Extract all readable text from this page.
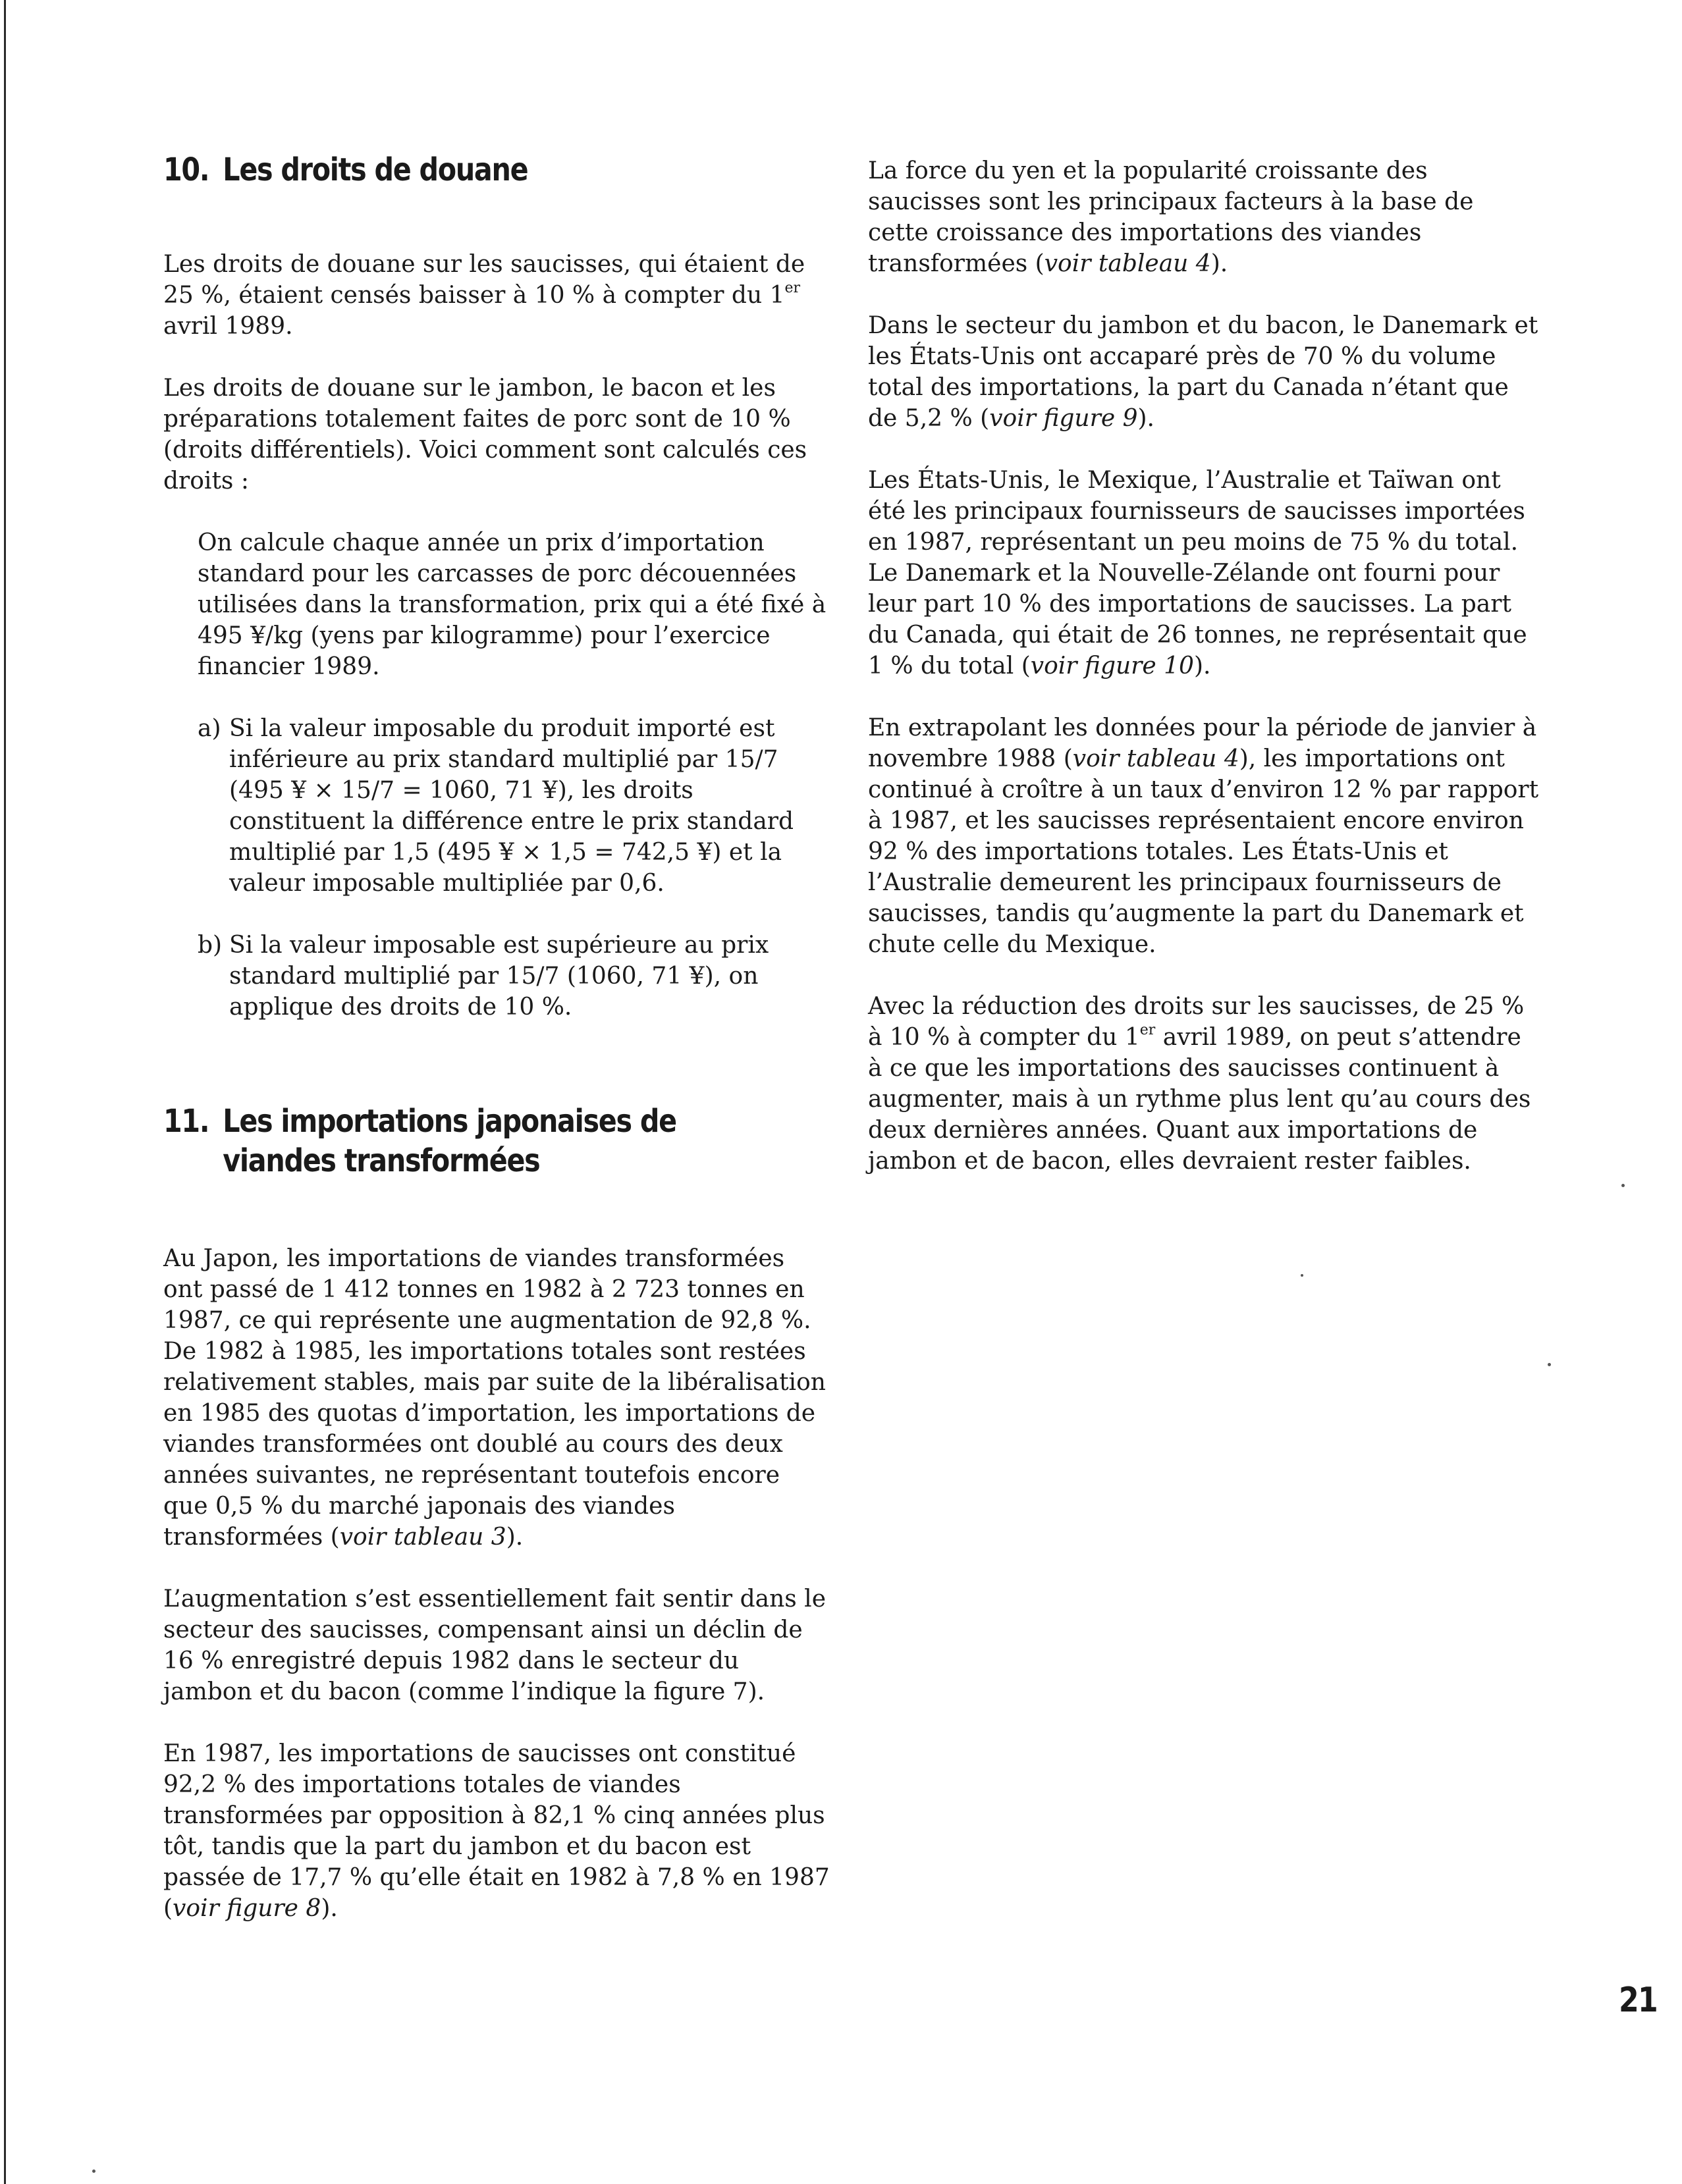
10. Les droits de douane

Les droits de douane sur les saucisses, qui étaient de 25 %, étaient censés baisser à 10 % à compter du 1er avril 1989.

Les droits de douane sur le jambon, le bacon et les préparations totalement faites de porc sont de 10 % (droits différentiels). Voici comment sont calculés ces droits :

On calcule chaque année un prix d’importation standard pour les carcasses de porc découennées utilisées dans la transformation, prix qui a été fixé à 495 ¥/kg (yens par kilogramme) pour l’exercice financier 1989.

a) Si la valeur imposable du produit importé est inférieure au prix standard multiplié par 15/7 (495 ¥ × 15/7 = 1060, 71 ¥), les droits constituent la différence entre le prix standard multiplié par 1,5 (495 ¥ × 1,5 = 742,5 ¥) et la valeur imposable multipliée par 0,6.

b) Si la valeur imposable est supérieure au prix standard multiplié par 15/7 (1060, 71 ¥), on applique des droits de 10 %.

11. Les importations japonaises de viandes transformées

Au Japon, les importations de viandes transformées ont passé de 1 412 tonnes en 1982 à 2 723 tonnes en 1987, ce qui représente une augmentation de 92,8 %. De 1982 à 1985, les importations totales sont restées relativement stables, mais par suite de la libéralisation en 1985 des quotas d’importation, les importations de viandes transformées ont doublé au cours des deux années suivantes, ne représentant toutefois encore que 0,5 % du marché japonais des viandes transformées (voir tableau 3).

L’augmentation s’est essentiellement fait sentir dans le secteur des saucisses, compensant ainsi un déclin de 16 % enregistré depuis 1982 dans le secteur du jambon et du bacon (comme l’indique la figure 7).

En 1987, les importations de saucisses ont constitué 92,2 % des importations totales de viandes transformées par opposition à 82,1 % cinq années plus tôt, tandis que la part du jambon et du bacon est passée de 17,7 % qu’elle était en 1982 à 7,8 % en 1987 (voir figure 8).

La force du yen et la popularité croissante des saucisses sont les principaux facteurs à la base de cette croissance des importations des viandes transformées (voir tableau 4).

Dans le secteur du jambon et du bacon, le Danemark et les États-Unis ont accaparé près de 70 % du volume total des importations, la part du Canada n’étant que de 5,2 % (voir figure 9).

Les États-Unis, le Mexique, l’Australie et Taïwan ont été les principaux fournisseurs de saucisses importées en 1987, représentant un peu moins de 75 % du total. Le Danemark et la Nouvelle-Zélande ont fourni pour leur part 10 % des importations de saucisses. La part du Canada, qui était de 26 tonnes, ne représentait que 1 % du total (voir figure 10).

En extrapolant les données pour la période de janvier à novembre 1988 (voir tableau 4), les importations ont continué à croître à un taux d’environ 12 % par rapport à 1987, et les saucisses représentaient encore environ 92 % des importations totales. Les États-Unis et l’Australie demeurent les principaux fournisseurs de saucisses, tandis qu’augmente la part du Danemark et chute celle du Mexique.

Avec la réduction des droits sur les saucisses, de 25 % à 10 % à compter du 1er avril 1989, on peut s’attendre à ce que les importations des saucisses continuent à augmenter, mais à un rythme plus lent qu’au cours des deux dernières années. Quant aux importations de jambon et de bacon, elles devraient rester faibles.

21
